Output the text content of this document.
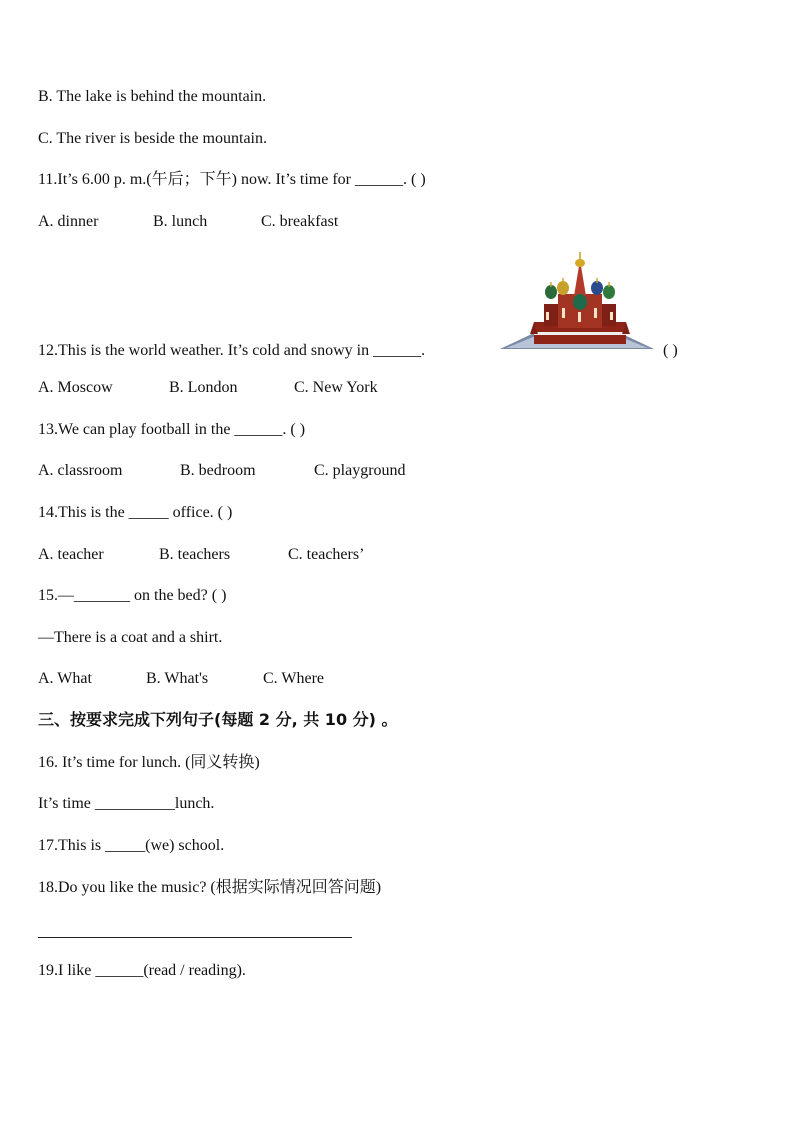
B. The lake is behind the mountain.
C. The river is beside the mountain.
11.It’s 6.00 p. m.(午后；下午) now. It’s time for ______. ( )
A. dinner	B. lunch	C. breakfast
12.This is the world weather. It’s cold and snowy in ______.	( )
A. Moscow	B. London	C. New York
13.We can play football in the ______. ( )
A. classroom	B. bedroom	C. playground
14.This is the _____ office. ( )
A. teacher	B. teachers	C. teachers’
15.—_______ on the bed? ( )
—There is a coat and a shirt.
A. What	B. What's	C. Where
三、按要求完成下列句子(每题 2 分, 共 10 分) 。
16. It’s time for lunch. (同义转换)
It’s time __________lunch.
17.This is _____(we) school.
18.Do you like the music? (根据实际情况回答问题)
19.I like ______(read / reading).
